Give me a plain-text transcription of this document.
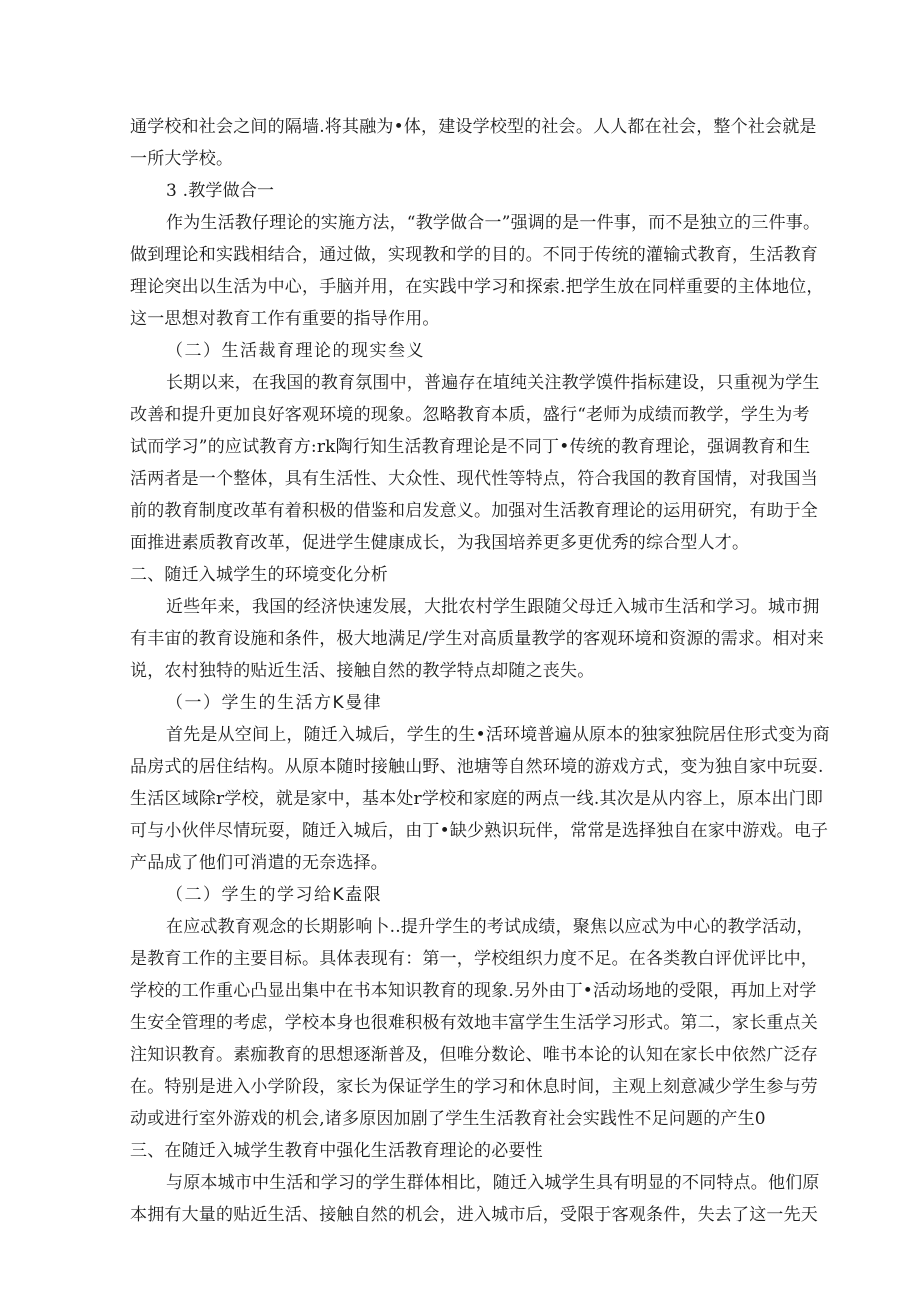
通学校和社会之间的隔墙.将其融为•体，建设学校型的社会。人人都在社会，整个社会就是
一所大学校。
3 .教学做合一
作为生活教仔理论的实施方法，“教学做合一”强调的是一件事，而不是独立的三件事。
做到理论和实践相结合，通过做，实现教和学的目的。不同于传统的灌输式教育，生活教育
理论突出以生活为中心，手脑并用，在实践中学习和探索.把学生放在同样重要的主体地位，
这一思想对教育工作有重要的指导作用。
（二）生活裁育理论的现实叁义
长期以来，在我国的教育氛围中，普遍存在埴纯关注教学馍件指标建设，只重视为学生
改善和提升更加良好客观环境的现象。忽略教育本质，盛行“老师为成绩而教学，学生为考
试而学习”的应试教育方:rk陶行知生活教育理论是不同丁•传统的教育理论，强调教育和生
活两者是一个整体，具有生活性、大众性、现代性等特点，符合我国的教育国情，对我国当
前的教育制度改革有着积极的借鉴和启发意义。加强对生活教育理论的运用研究，有助于全
面推进素质教育改革，促进学生健康成长，为我国培养更多更优秀的综合型人才。
二、随迁入城学生的环境变化分析
近些年来，我国的经济快速发展，大批农村学生跟随父母迁入城市生活和学习。城市拥
有丰宙的教育设施和条件，极大地满足/学生对高质量教学的客观环境和资源的需求。相对来
说，农村独特的贴近生活、接触自然的教学特点却随之丧失。
（一）学生的生活方K曼律
首先是从空间上，随迁入城后，学生的生•活环境普遍从原本的独家独院居住形式变为商
品房式的居住结构。从原本随时接触山野、池塘等自然环境的游戏方式，变为独自家中玩耍.
生活区域除r学校，就是家中，基本处r学校和家庭的两点一线.其次是从内容上，原本出门即
可与小伙伴尽情玩耍，随迁入城后，由丁•缺少熟识玩伴，常常是选择独自在家中游戏。电子
产品成了他们可消遣的无奈选择。
（二）学生的学习给K盍限
在应忒教育观念的长期影响卜..提升学生的考试成绩，聚焦以应忒为中心的教学活动，
是教育工作的主要目标。具体表现有：第一，学校组织力度不足。在各类教白评优评比中，
学校的工作重心凸显出集中在书本知识教育的现象.另外由丁•活动场地的受限，再加上对学
生安全管理的考虑，学校本身也很难积极有效地丰富学生生活学习形式。第二，家长重点关
注知识教育。素痂教育的思想逐渐普及，但唯分数论、唯书本论的认知在家长中依然广泛存
在。特别是进入小学阶段，家长为保证学生的学习和休息时间，主观上刻意减少学生参与劳
动或进行室外游戏的机会,诸多原因加剧了学生生活教育社会实践性不足问题的产生0
三、在随迁入城学生教育中强化生活教育理论的必要性
与原本城市中生活和学习的学生群体相比，随迁入城学生具有明显的不同特点。他们原
本拥有大量的贴近生活、接触自然的机会，进入城市后，受限于客观条件，失去了这一先天
